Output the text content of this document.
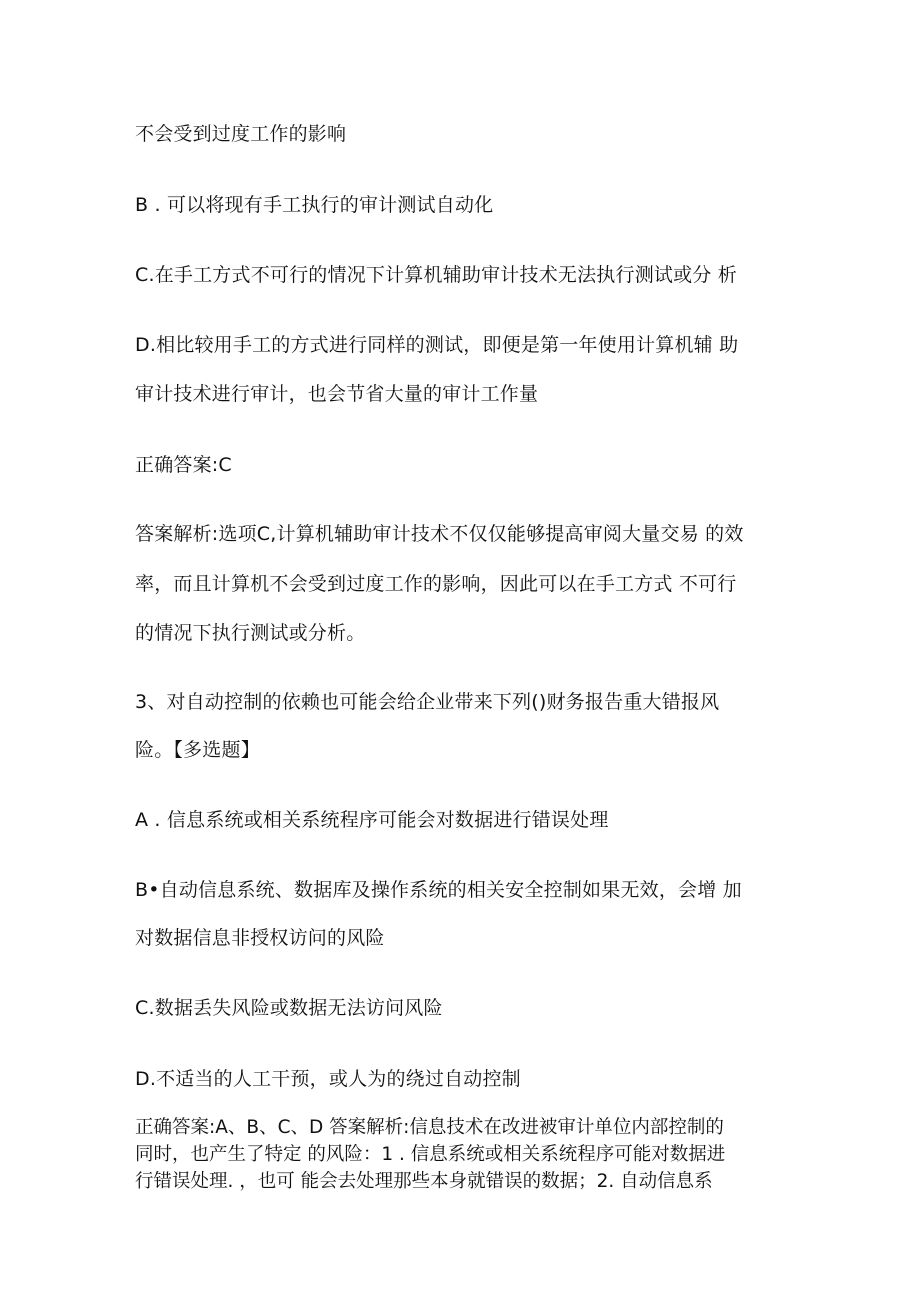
不会受到过度工作的影响
B . 可以将现有手工执行的审计测试自动化
C.在手工方式不可行的情况下计算机辅助审计技术无法执行测试或分 析
D.相比较用手工的方式进行同样的测试，即便是第一年使用计算机辅 助
审计技术进行审计，也会节省大量的审计工作量
正确答案:C
答案解析:选项C,计算机辅助审计技术不仅仅能够提高审阅大量交易 的效
率，而且计算机不会受到过度工作的影响，因此可以在手工方式 不可行
的情况下执行测试或分析。
3、对自动控制的依赖也可能会给企业带来下列()财务报告重大错报风
险。【多选题】
A . 信息系统或相关系统程序可能会对数据进行错误处理
B•自动信息系统、数据库及操作系统的相关安全控制如果无效，会增 加
对数据信息非授权访问的风险
C.数据丢失风险或数据无法访问风险
D.不适当的人工干预，或人为的绕过自动控制
正确答案:A、B、C、D 答案解析:信息技术在改进被审计单位内部控制的
同时，也产生了特定 的风险：1 . 信息系统或相关系统程序可能对数据进
行错误处理. ，也可 能会去处理那些本身就错误的数据；2. 自动信息系
